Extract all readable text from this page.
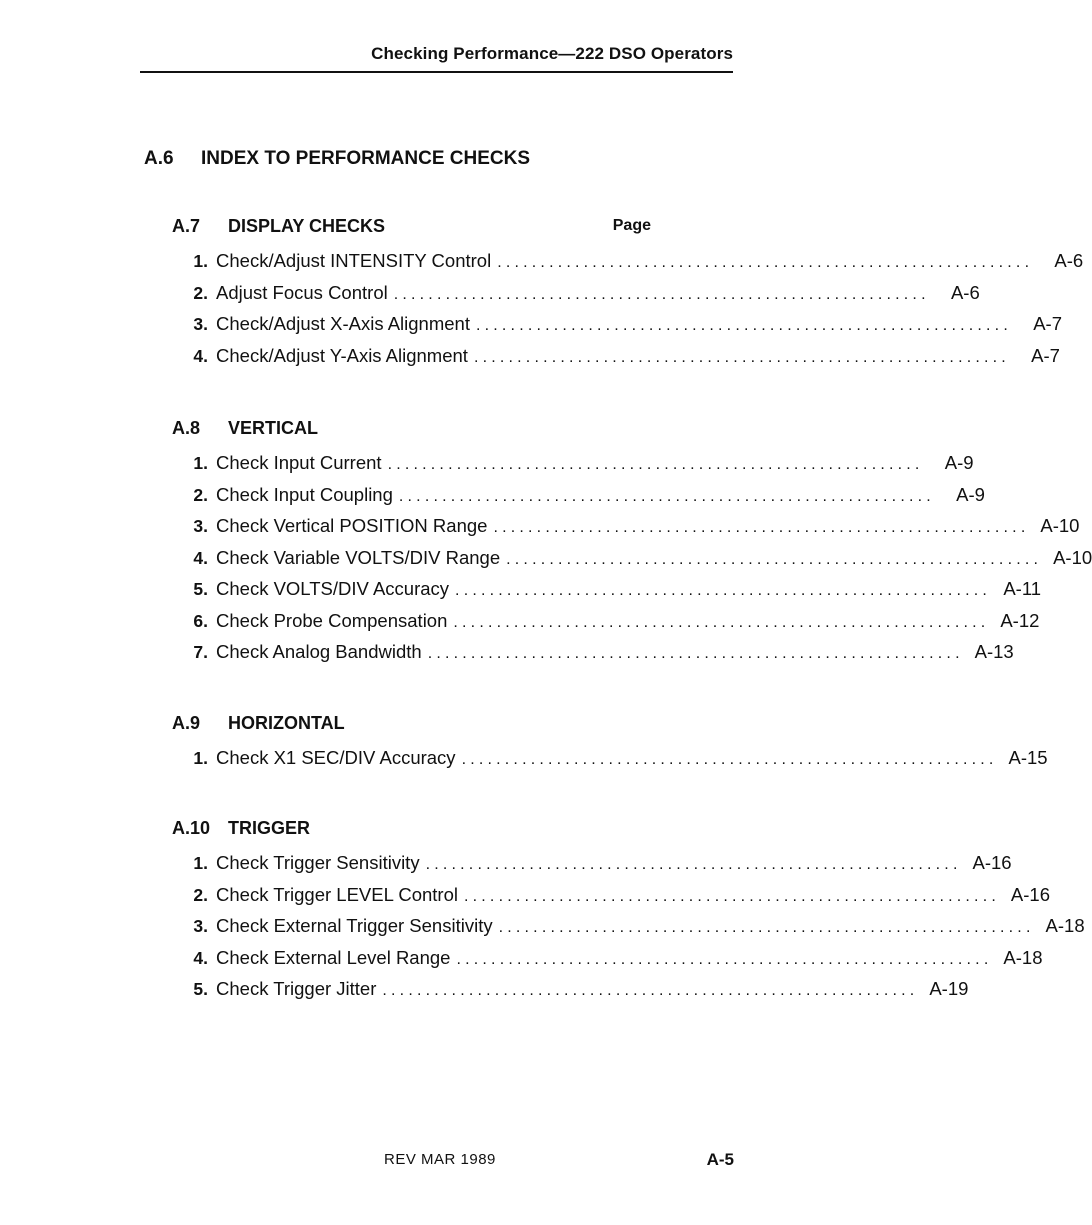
Checking Performance—222 DSO Operators
A.6 INDEX TO PERFORMANCE CHECKS
A.7 DISPLAY CHECKS	Page
1. Check/Adjust INTENSITY Control ..............................................................	A-6
2. Adjust Focus Control ..............................................................	A-6
3. Check/Adjust X-Axis Alignment ..............................................................	A-7
4. Check/Adjust Y-Axis Alignment ..............................................................	A-7
A.8 VERTICAL
1. Check Input Current ..............................................................	A-9
2. Check Input Coupling ..............................................................	A-9
3. Check Vertical POSITION Range .............................................................. A-10
4. Check Variable VOLTS/DIV Range .............................................................. A-10
5. Check VOLTS/DIV Accuracy .............................................................. A-11
6. Check Probe Compensation .............................................................. A-12
7. Check Analog Bandwidth .............................................................. A-13
A.9 HORIZONTAL
1. Check X1 SEC/DIV Accuracy .............................................................. A-15
A.10 TRIGGER
1. Check Trigger Sensitivity .............................................................. A-16
2. Check Trigger LEVEL Control .............................................................. A-16
3. Check External Trigger Sensitivity .............................................................. A-18
4. Check External Level Range .............................................................. A-18
5. Check Trigger Jitter .............................................................. A-19
REV MAR 1989	A-5
